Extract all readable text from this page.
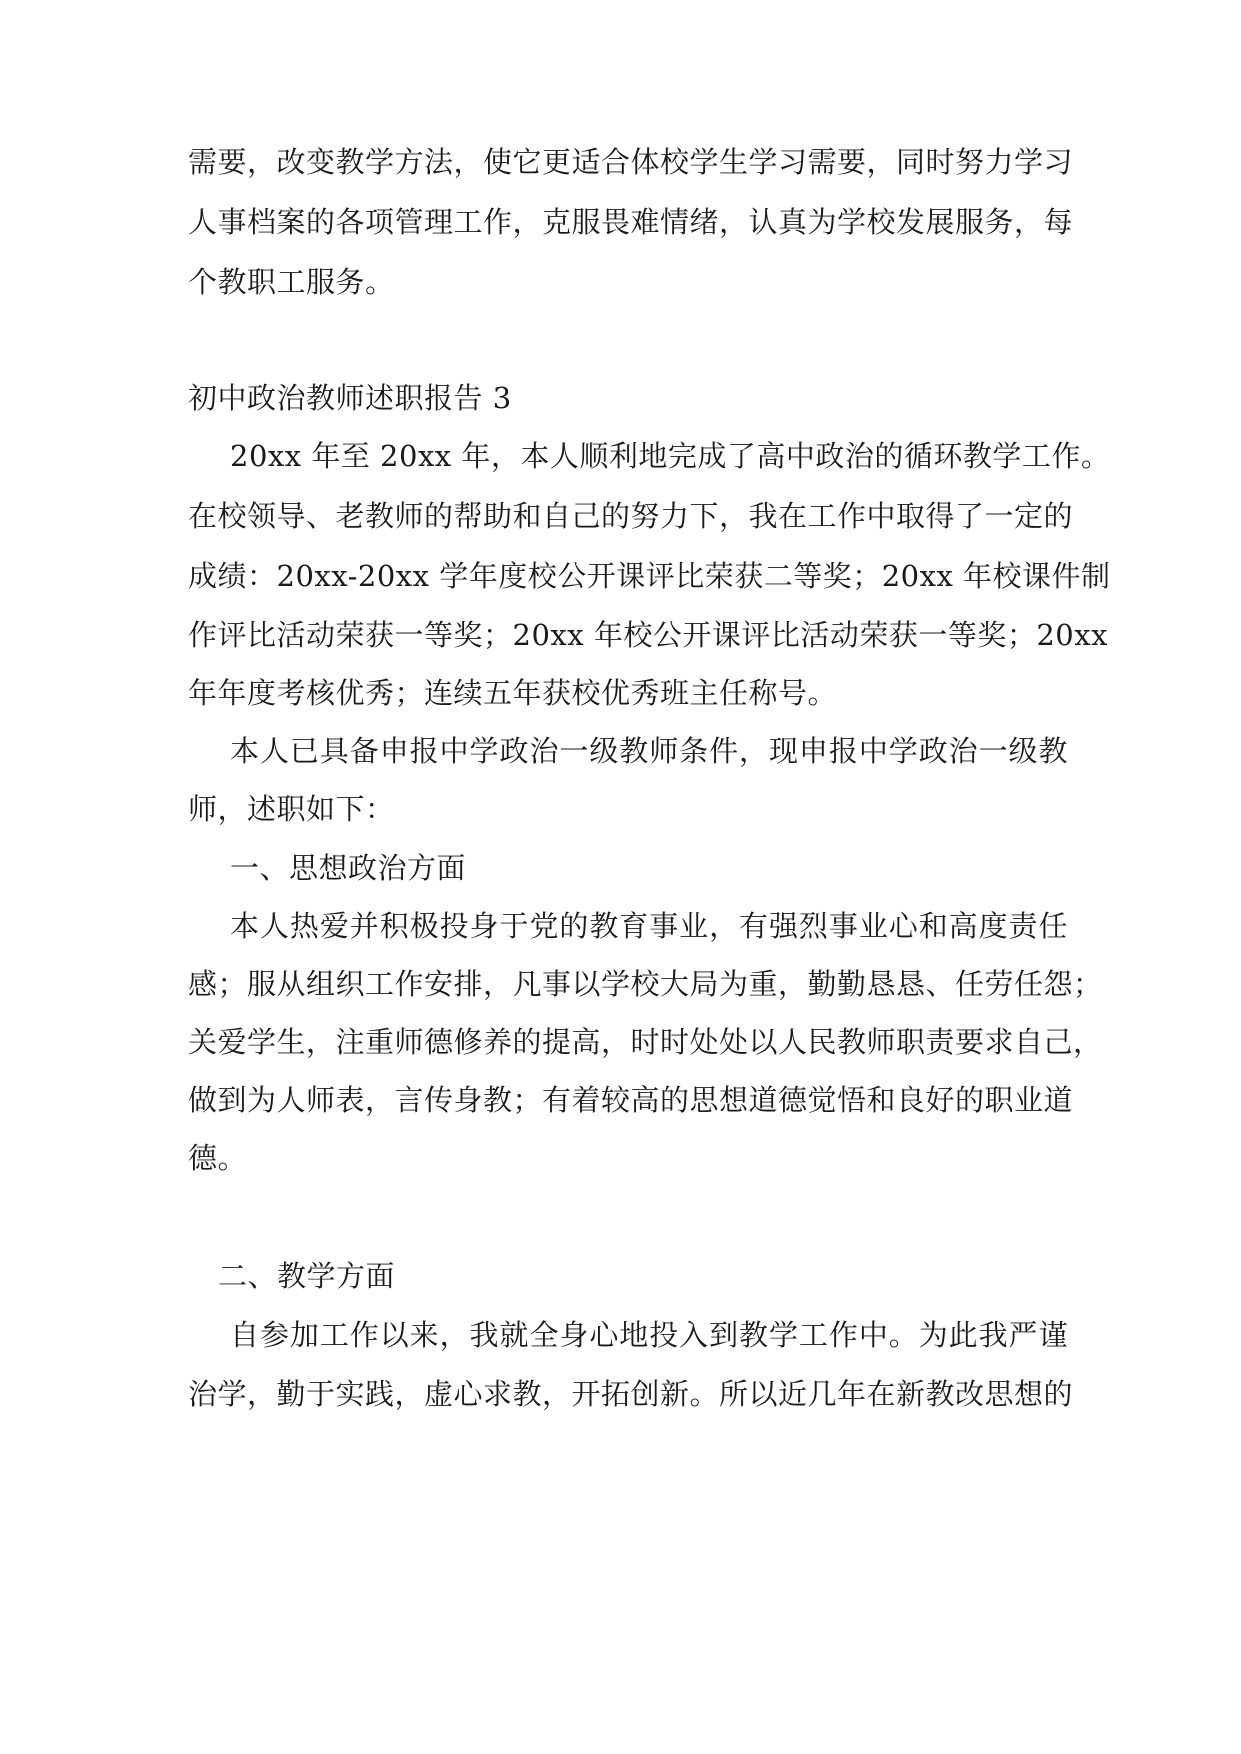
需要，改变教学方法，使它更适合体校学生学习需要，同时努力学习
人事档案的各项管理工作，克服畏难情绪，认真为学校发展服务，每
个教职工服务。
初中政治教师述职报告 3
20xx 年至 20xx 年，本人顺利地完成了高中政治的循环教学工作。
在校领导、老教师的帮助和自己的努力下，我在工作中取得了一定的
成绩：20xx-20xx 学年度校公开课评比荣获二等奖；20xx 年校课件制
作评比活动荣获一等奖；20xx 年校公开课评比活动荣获一等奖；20xx
年年度考核优秀；连续五年获校优秀班主任称号。
本人已具备申报中学政治一级教师条件，现申报中学政治一级教
师，述职如下：
一、思想政治方面
本人热爱并积极投身于党的教育事业，有强烈事业心和高度责任
感；服从组织工作安排，凡事以学校大局为重，勤勤恳恳、任劳任怨；
关爱学生，注重师德修养的提高，时时处处以人民教师职责要求自己，
做到为人师表，言传身教；有着较高的思想道德觉悟和良好的职业道
德。
二、教学方面
自参加工作以来，我就全身心地投入到教学工作中。为此我严谨
治学，勤于实践，虚心求教，开拓创新。所以近几年在新教改思想的
